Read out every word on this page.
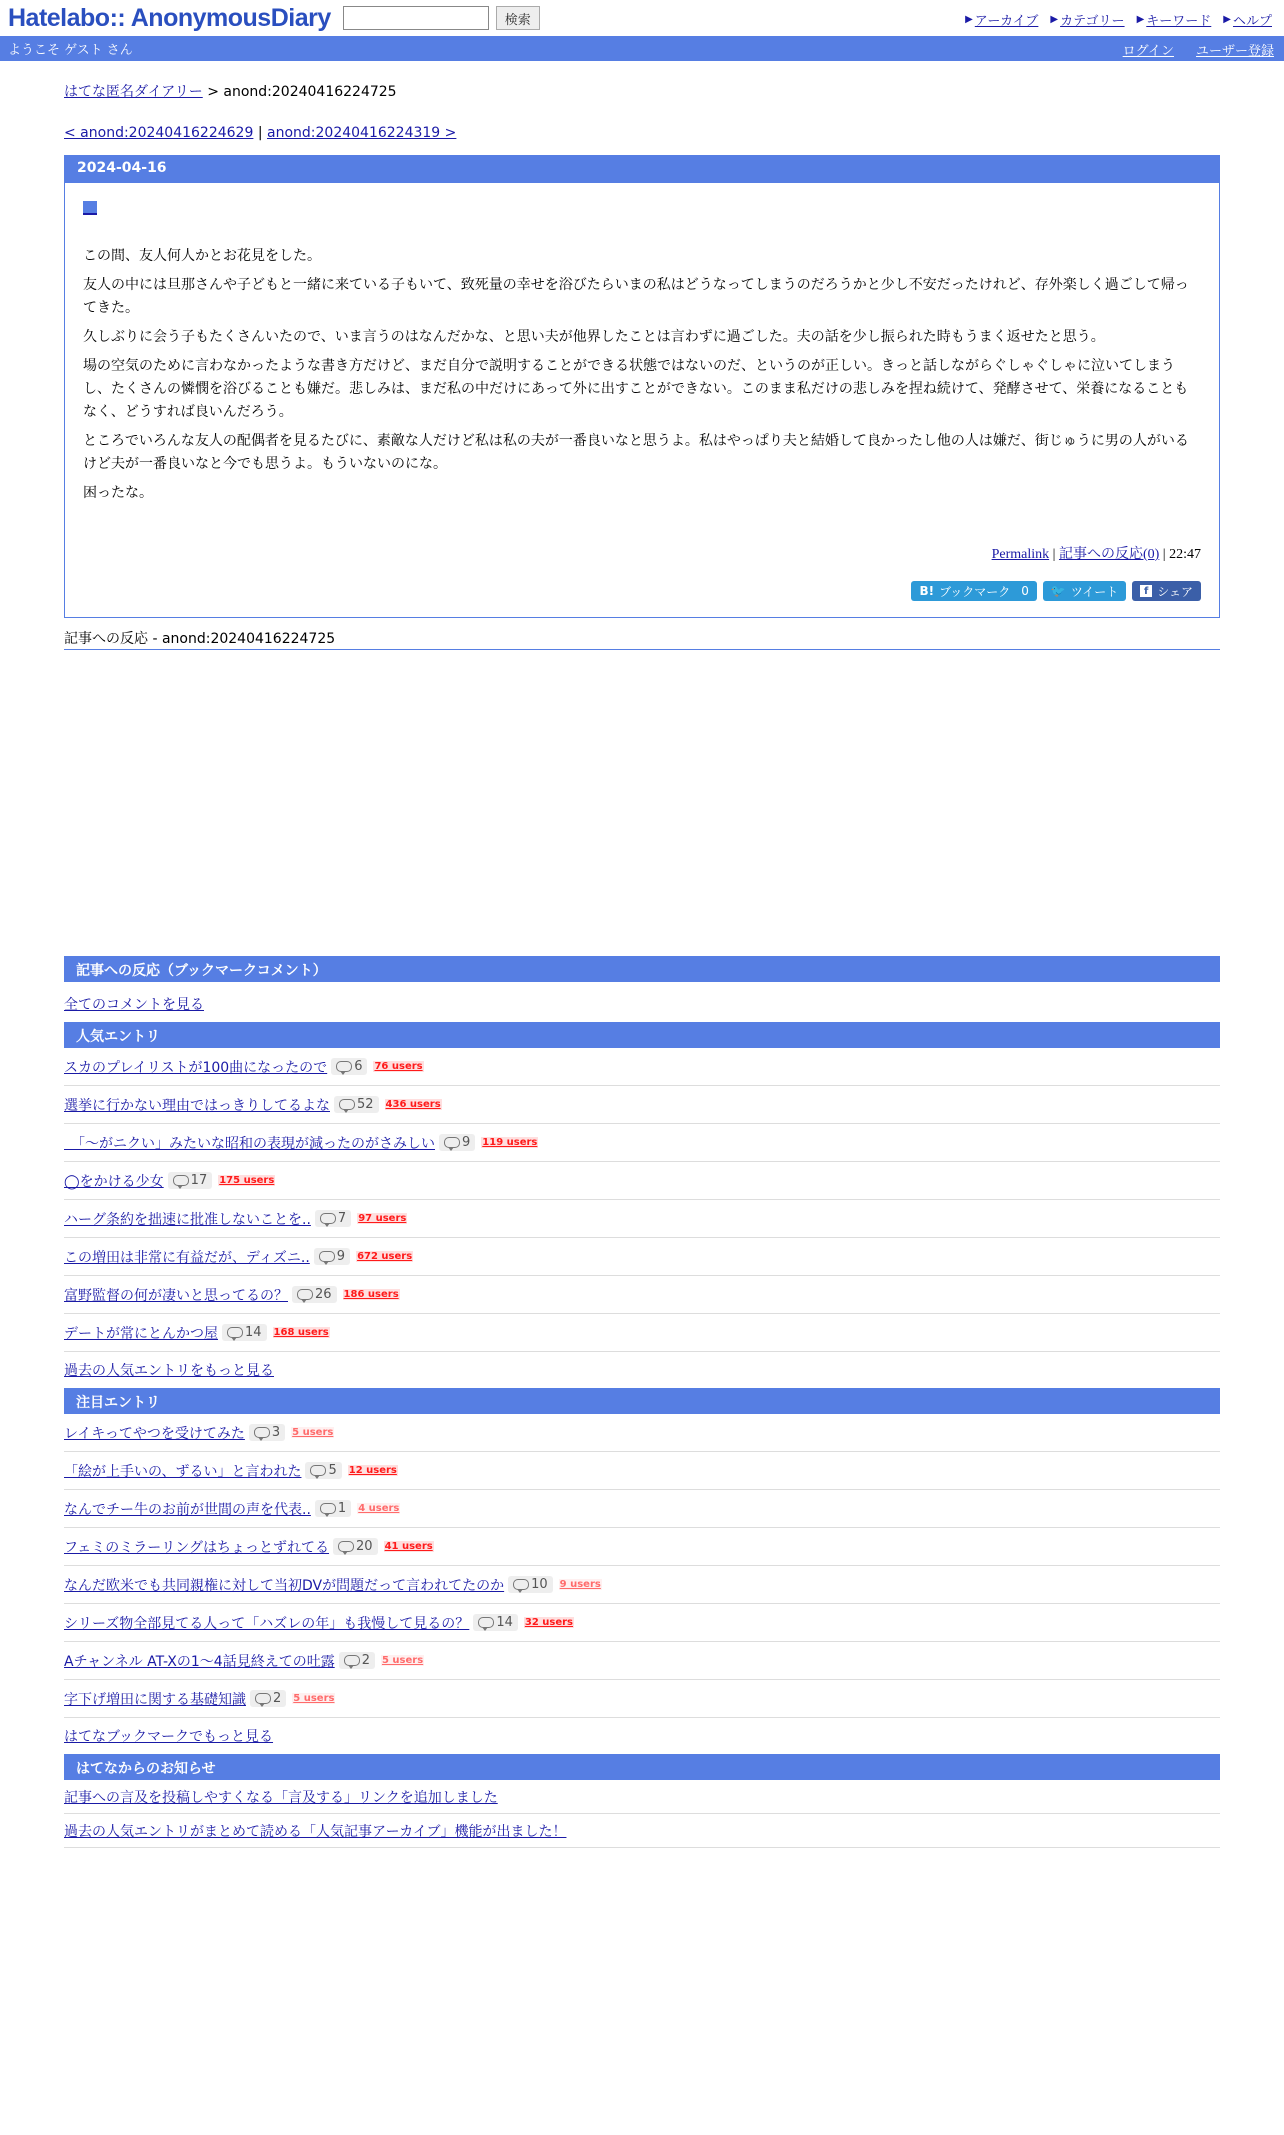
Hatelabo:: AnonymousDiary	検索	▶ アーカイブ ▶ カテゴリー ▶ キーワード ▶ ヘルプ
ようこそ ゲスト さん	ログイン ユーザー登録
はてな匿名ダイアリー > anond:20240416224725
< anond:20240416224629 | anond:20240416224319 >
2024-04-16

この間、友人何人かとお花見をした。

友人の中には旦那さんや子どもと一緒に来ている子もいて、致死量の幸せを浴びたらいまの私はどうなってしまうのだろうかと少し不安だったけれど、存外楽しく過ごして帰ってきた。

久しぶりに会う子もたくさんいたので、いま言うのはなんだかな、と思い夫が他界したことは言わずに過ごした。夫の話を少し振られた時もうまく返せたと思う。

場の空気のために言わなかったような書き方だけど、まだ自分で説明することができる状態ではないのだ、というのが正しい。きっと話しながらぐしゃぐしゃに泣いてしまうし、たくさんの憐憫を浴びることも嫌だ。悲しみは、まだ私の中だけにあって外に出すことができない。このまま私だけの悲しみを捏ね続けて、発酵させて、栄養になることもなく、どうすれば良いんだろう。

ところでいろんな友人の配偶者を見るたびに、素敵な人だけど私は私の夫が一番良いなと思うよ。私はやっぱり夫と結婚して良かったし他の人は嫌だ、街じゅうに男の人がいるけど夫が一番良いなと今でも思うよ。もういないのにな。

困ったな。

Permalink | 記事への反応(0) | 22:47
B! ブックマーク 0 🐦 ツイート	f シェア
記事への反応 - anond:20240416224725
記事への反応（ブックマークコメント）
全てのコメントを見る
人気エントリ
スカのプレイリストが100曲になったので 6 76 users
選挙に行かない理由ではっきりしてるよな 52 436 users
　「〜がニクい」みたいな昭和の表現が減ったのがさみしい 9 119 users
◯をかける少女 17 175 users
ハーグ条約を拙速に批准しないことを.. 7 97 users
この増田は非常に有益だが、ディズニ.. 9 672 users
富野監督の何が凄いと思ってるの？ 26 186 users
デートが常にとんかつ屋 14 168 users
過去の人気エントリをもっと見る
注目エントリ
レイキってやつを受けてみた 3 5 users
「絵が上手いの、ずるい」と言われた 5 12 users
なんでチー牛のお前が世間の声を代表.. 1 4 users
フェミのミラーリングはちょっとずれてる 20 41 users
なんだ欧米でも共同親権に対して当初DVが問題だって言われてたのか 10 9 users
シリーズ物全部見てる人って「ハズレの年」も我慢して見るの？ 14 32 users
Aチャンネル AT-Xの1〜4話見終えての吐露 2 5 users
字下げ増田に関する基礎知識 2 5 users
はてなブックマークでもっと見る
はてなからのお知らせ
記事への言及を投稿しやすくなる「言及する」リンクを追加しました
過去の人気エントリがまとめて読める「人気記事アーカイブ」機能が出ました！
